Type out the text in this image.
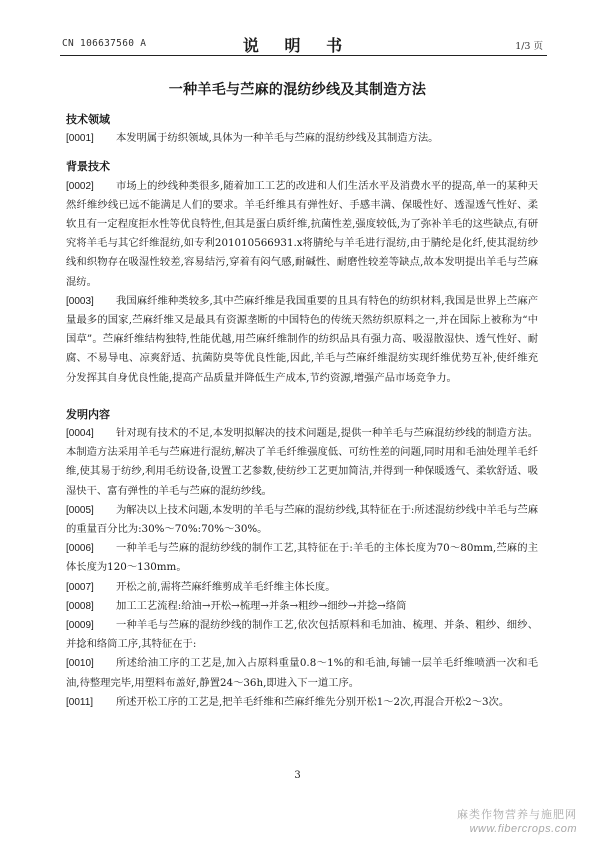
CN 106637560 A	说 明 书	1/3 页
一种羊毛与苎麻的混纺纱线及其制造方法

技术领域

[0001]	本发明属于纺织领域,具体为一种羊毛与苎麻的混纺纱线及其制造方法。

背景技术

[0002]	市场上的纱线种类很多,随着加工工艺的改进和人们生活水平及消费水平的提高,单一的某种天然纤维纱线已远不能满足人们的要求。羊毛纤维具有弹性好、手感丰满、保暖性好、透湿透气性好、柔软且有一定程度拒水性等优良特性,但其是蛋白质纤维,抗菌性差,强度较低,为了弥补羊毛的这些缺点,有研究将羊毛与其它纤维混纺,如专利201010566931.x将腈纶与羊毛进行混纺,由于腈纶是化纤,使其混纺纱线和织物存在吸湿性较差,容易结污,穿着有闷气感,耐碱性、耐磨性较差等缺点,故本发明提出羊毛与苎麻混纺。
[0003]	我国麻纤维种类较多,其中苎麻纤维是我国重要的且具有特色的纺织材料,我国是世界上苎麻产量最多的国家,苎麻纤维又是最具有资源垄断的中国特色的传统天然纺织原料之一,并在国际上被称为“中国草”。苎麻纤维结构独特,性能优越,用苎麻纤维制作的纺织品具有强力高、吸湿散湿快、透气性好、耐腐、不易导电、凉爽舒适、抗菌防臭等优良性能,因此,羊毛与苎麻纤维混纺实现纤维优势互补,使纤维充分发挥其自身优良性能,提高产品质量并降低生产成本,节约资源,增强产品市场竞争力。

发明内容

[0004]	针对现有技术的不足,本发明拟解决的技术问题是,提供一种羊毛与苎麻混纺纱线的制造方法。本制造方法采用羊毛与苎麻进行混纺,解决了羊毛纤维强度低、可纺性差的问题,同时用和毛油处理羊毛纤维,使其易于纺纱,利用毛纺设备,设置工艺参数,使纺纱工艺更加简洁,并得到一种保暖透气、柔软舒适、吸湿快干、富有弹性的羊毛与苎麻的混纺纱线。
[0005]	为解决以上技术问题,本发明的羊毛与苎麻的混纺纱线,其特征在于:所述混纺纱线中羊毛与苎麻的重量百分比为:30%～70%:70%～30%。
[0006]	一种羊毛与苎麻的混纺纱线的制作工艺,其特征在于:羊毛的主体长度为70～80mm,苎麻的主体长度为120～130mm。
[0007]	开松之前,需将苎麻纤维剪成羊毛纤维主体长度。
[0008]	加工工艺流程:给油→开松→梳理→并条→粗纱→细纱→并捻→络筒
[0009]	一种羊毛与苎麻的混纺纱线的制作工艺,依次包括原料和毛加油、梳理、并条、粗纱、细纱、并捻和络筒工序,其特征在于:
[0010]	所述给油工序的工艺是,加入占原料重量0.8～1%的和毛油,每铺一层羊毛纤维喷洒一次和毛油,待整理完毕,用塑料布盖好,静置24～36h,即进入下一道工序。
[0011]	所述开松工序的工艺是,把羊毛纤维和苎麻纤维先分别开松1～2次,再混合开松2～3次。
3
麻类作物营养与施肥网
www.fibercrops.com
